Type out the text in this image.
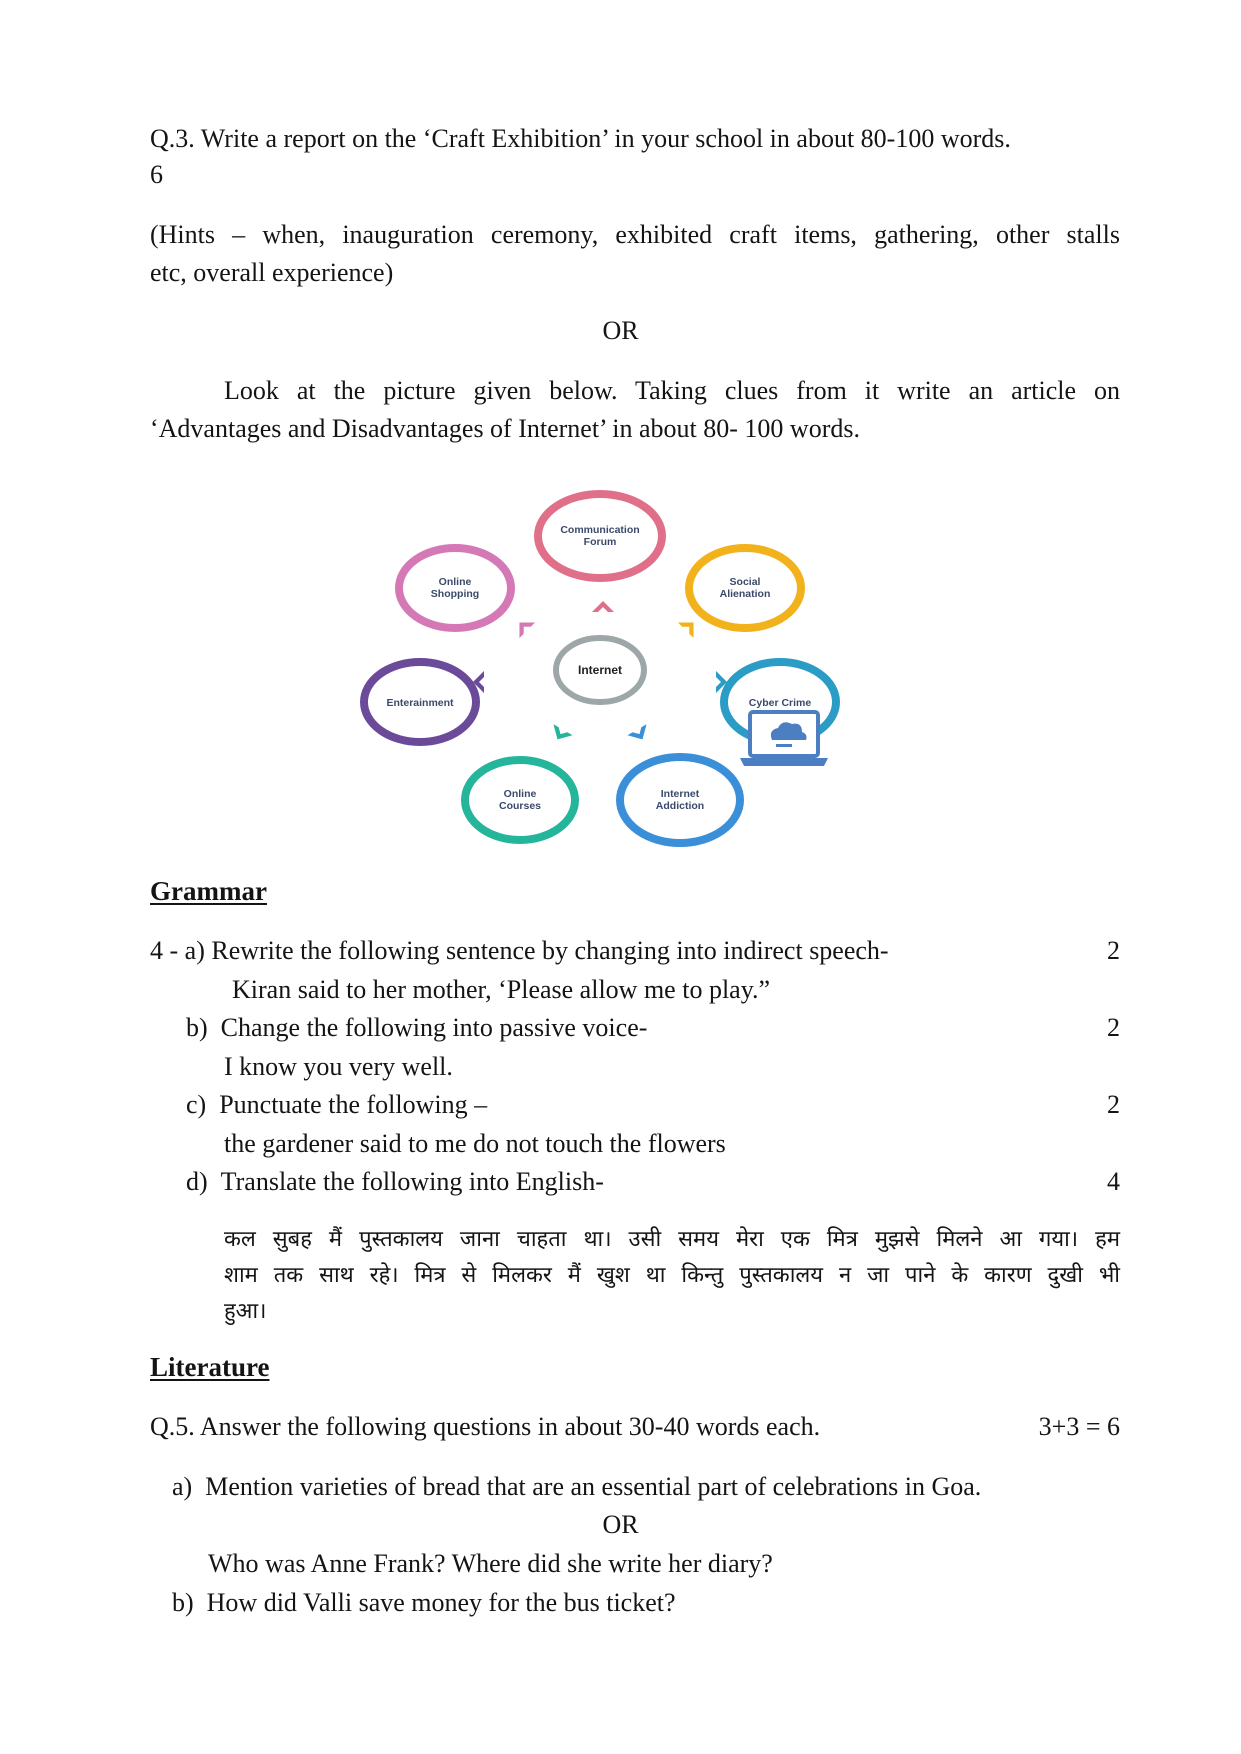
Q.3. Write a report on the ‘Craft Exhibition’ in your school in about 80-100 words.
6
(Hints – when, inauguration ceremony, exhibited craft items, gathering, other stalls
etc, overall experience)
OR
Look at the picture given below. Taking clues from it write an article on
‘Advantages and Disadvantages of Internet’ in about 80- 100 words.
Communication
Forum
Social
Alienation
Cyber Crime
Internet
Addiction
Online
Courses
Enterainment
Online
Shopping
Internet
Grammar
4 - a) Rewrite the following sentence by changing into indirect speech-	2
Kiran said to her mother, ‘Please allow me to play.”
b) Change the following into passive voice-	2
I know you very well.
c) Punctuate the following –	2
the gardener said to me do not touch the flowers
d) Translate the following into English-	4
कल सुबह मैं पुस्तकालय जाना चाहता था। उसी समय मेरा एक मित्र मुझसे मिलने आ गया। हम
शाम तक साथ रहे। मित्र से मिलकर मैं खुश था किन्तु पुस्तकालय न जा पाने के कारण दुखी भी
हुआ।
Literature
Q.5. Answer the following questions in about 30-40 words each.	3+3 = 6
a) Mention varieties of bread that are an essential part of celebrations in Goa.
OR
Who was Anne Frank? Where did she write her diary?
b) How did Valli save money for the bus ticket?
